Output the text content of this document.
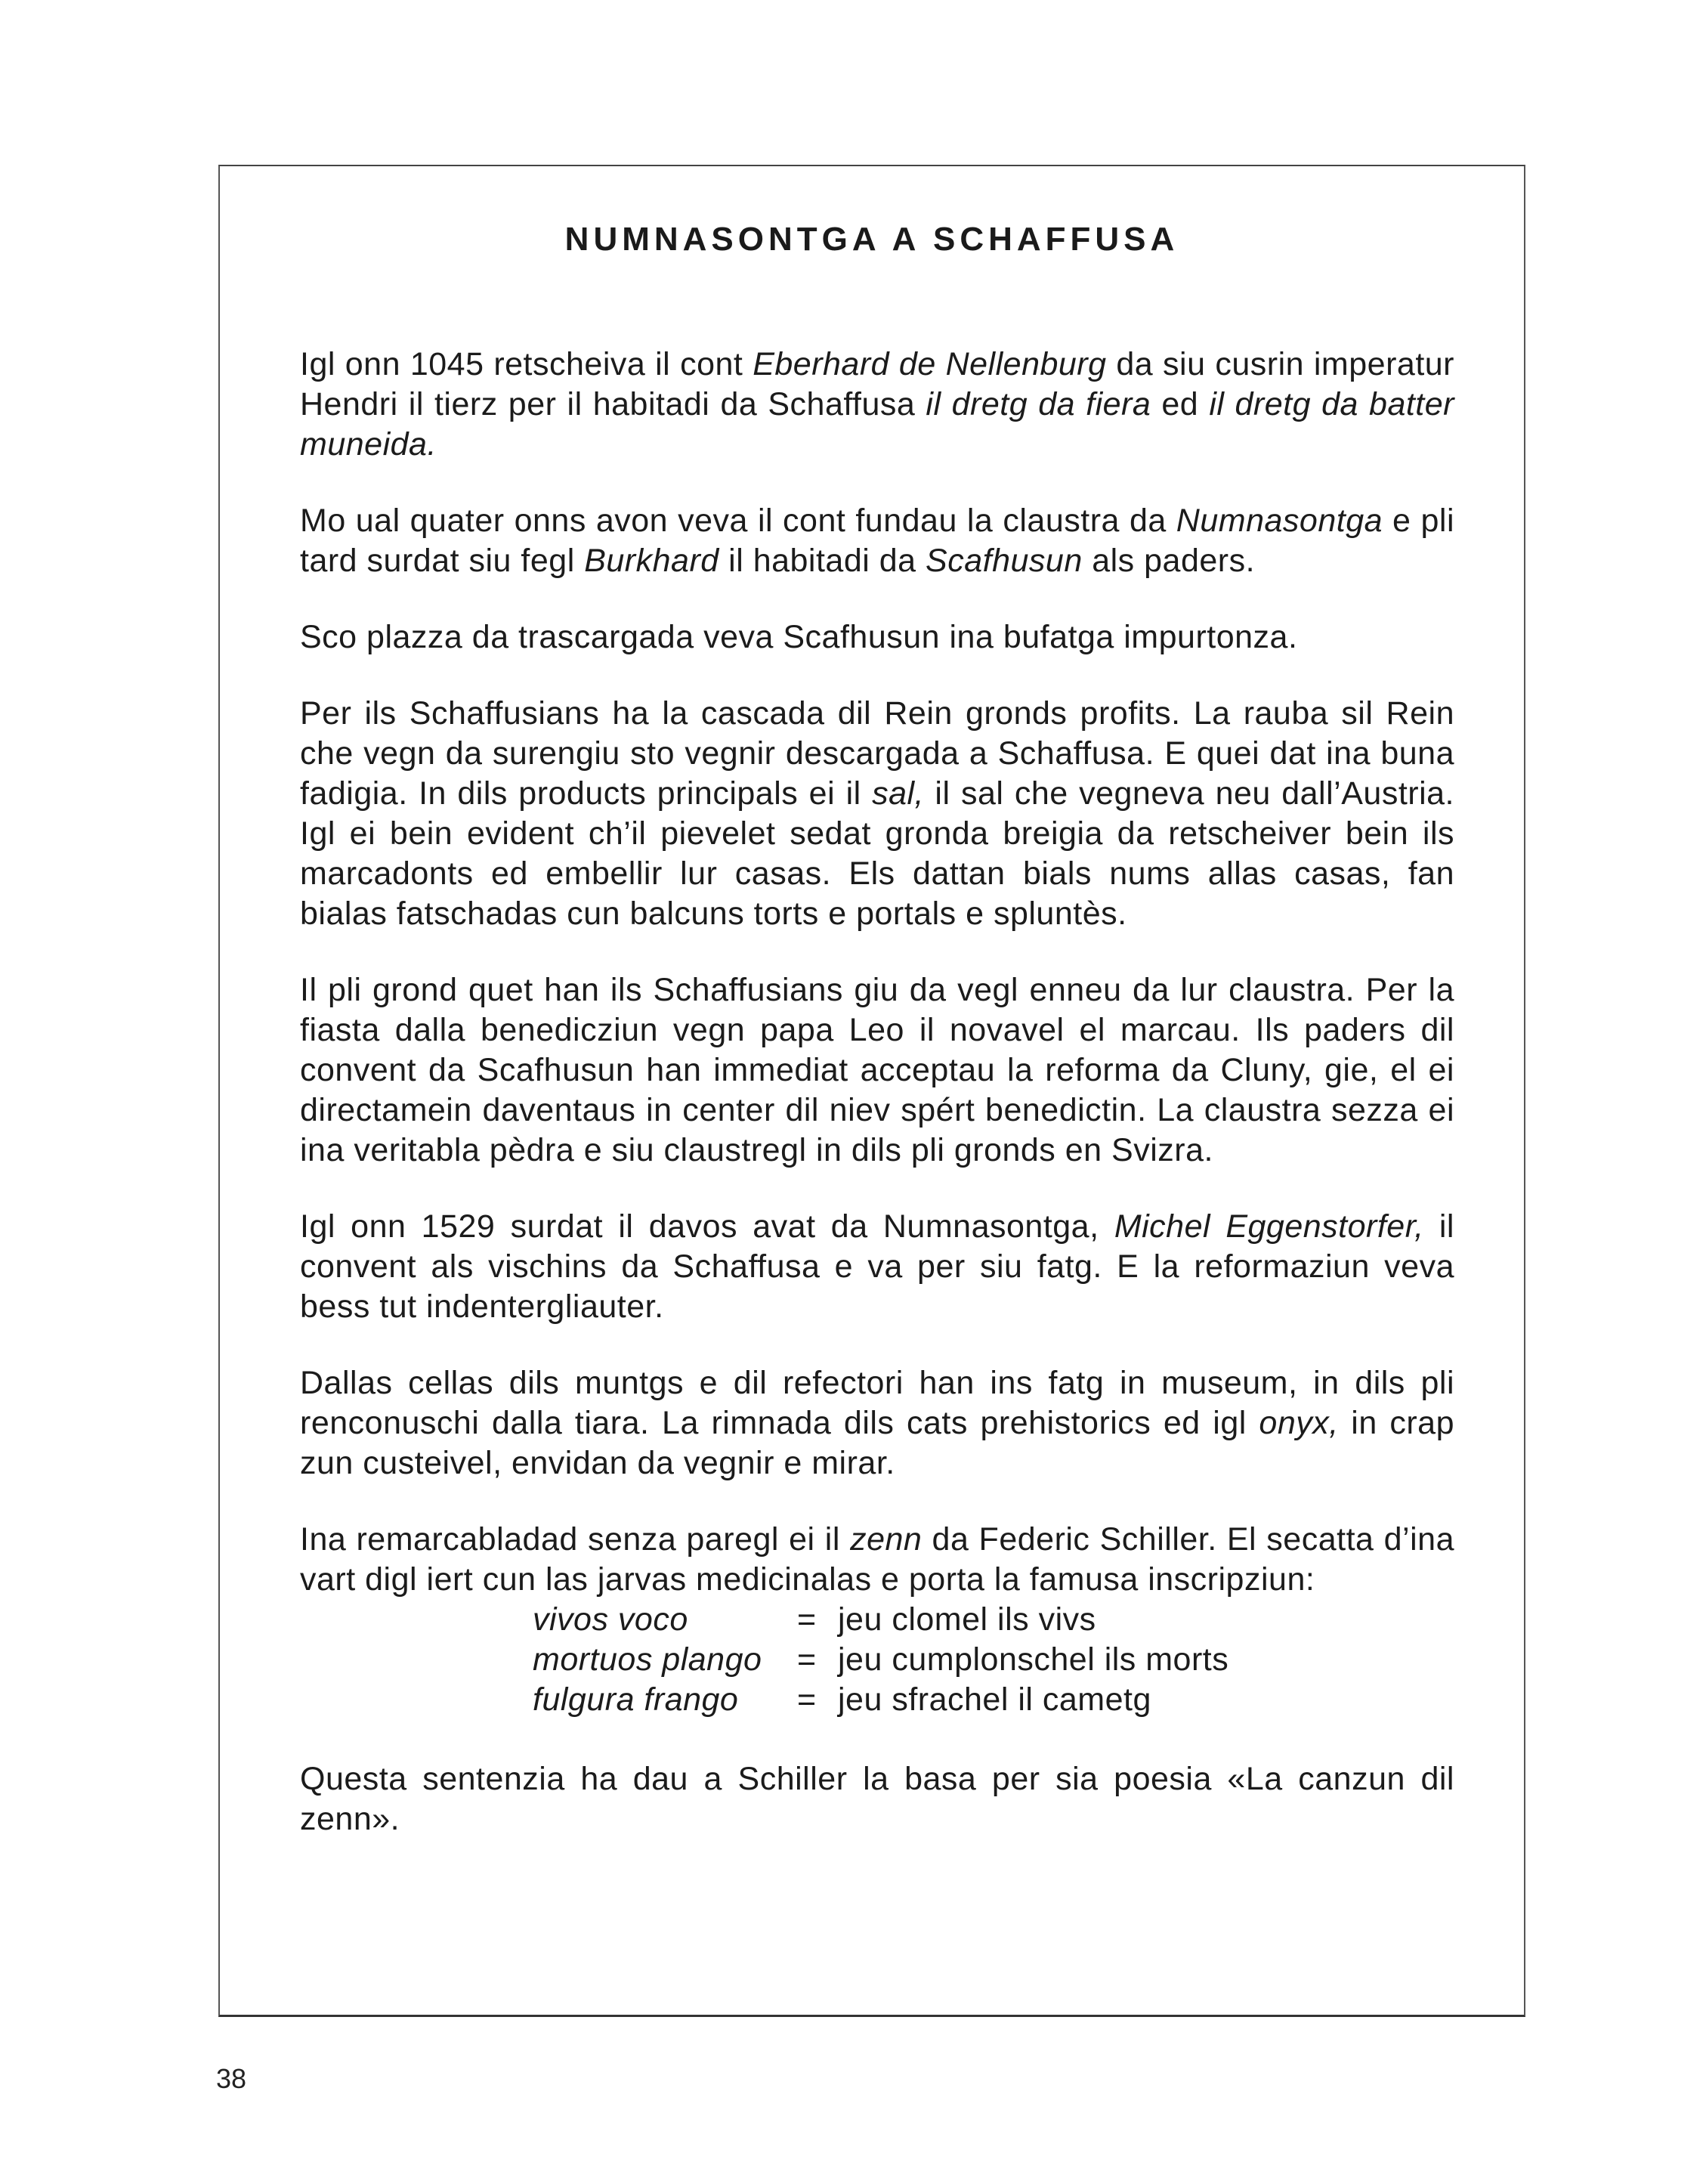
NUMNASONTGA A SCHAFFUSA

Igl onn 1045 retscheiva il cont Eberhard de Nellenburg da siu cusrin imperatur Hendri il tierz per il habitadi da Schaffusa il dretg da fiera ed il dretg da batter muneida.

Mo ual quater onns avon veva il cont fundau la claustra da Numnasontga e pli tard surdat siu fegl Burkhard il habitadi da Scafhusun als paders.

Sco plazza da trascargada veva Scafhusun ina bufatga impurtonza.

Per ils Schaffusians ha la cascada dil Rein gronds profits. La rauba sil Rein che vegn da surengiu sto vegnir descargada a Schaffusa. E quei dat ina buna fadigia. In dils products principals ei il sal, il sal che vegneva neu dall’Austria. Igl ei bein evident ch’il pievelet sedat gronda breigia da retscheiver bein ils marcadonts ed embellir lur casas. Els dattan bials nums allas casas, fan bialas fatschadas cun balcuns torts e portals e spluntès.

Il pli grond quet han ils Schaffusians giu da vegl enneu da lur claustra. Per la fiasta dalla benedicziun vegn papa Leo il novavel el marcau. Ils paders dil convent da Scafhusun han immediat acceptau la reforma da Cluny, gie, el ei directamein daventaus in center dil niev spért benedictin. La claustra sezza ei ina veritabla pèdra e siu claustregl in dils pli gronds en Svizra.

Igl onn 1529 surdat il davos avat da Numnasontga, Michel Eggenstorfer, il convent als vischins da Schaffusa e va per siu fatg. E la reformaziun veva bess tut indentergliauter.

Dallas cellas dils muntgs e dil refectori han ins fatg in museum, in dils pli renconuschi dalla tiara. La rimnada dils cats prehistorics ed igl onyx, in crap zun custeivel, envidan da vegnir e mirar.

Ina remarcabladad senza paregl ei il zenn da Federic Schiller. El secatta d’ina vart digl iert cun las jarvas medicinalas e porta la famusa inscripziun:

vivos voco	= jeu clomel ils vivs
mortuos plango	= jeu cumplonschel ils morts
fulgura frango	= jeu sfrachel il cametg

Questa sentenzia ha dau a Schiller la basa per sia poesia «La canzun dil zenn».

38
